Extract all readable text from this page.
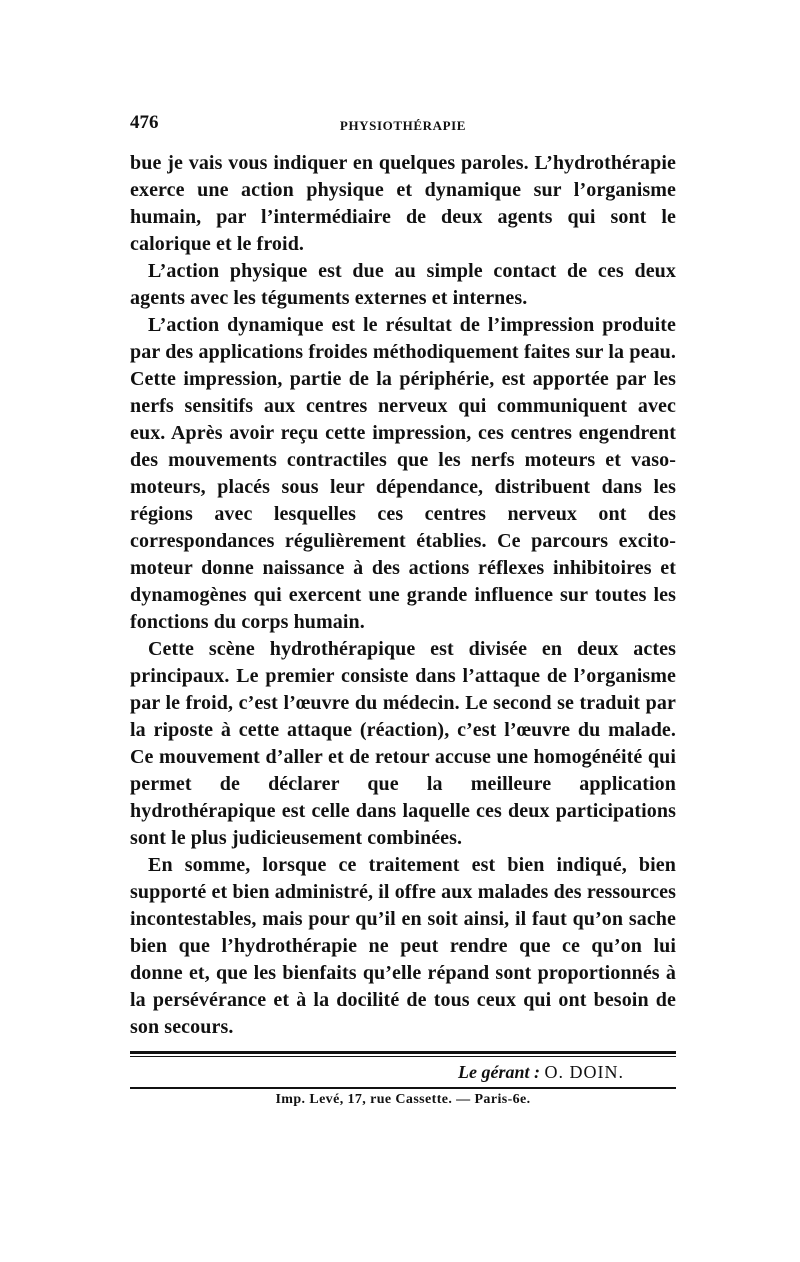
476	PHYSIOTHÉRAPIE

bue je vais vous indiquer en quelques paroles. L’hydrothérapie exerce une action physique et dynamique sur l’organisme humain, par l’intermédiaire de deux agents qui sont le calorique et le froid.

L’action physique est due au simple contact de ces deux agents avec les téguments externes et internes.

L’action dynamique est le résultat de l’impression produite par des applications froides méthodiquement faites sur la peau. Cette impression, partie de la périphérie, est apportée par les nerfs sensitifs aux centres nerveux qui communiquent avec eux. Après avoir reçu cette impression, ces centres engendrent des mouvements contractiles que les nerfs moteurs et vaso-moteurs, placés sous leur dépendance, distribuent dans les régions avec lesquelles ces centres nerveux ont des correspondances régulièrement établies. Ce parcours excito-moteur donne naissance à des actions réflexes inhibitoires et dynamogènes qui exercent une grande influence sur toutes les fonctions du corps humain.

Cette scène hydrothérapique est divisée en deux actes principaux. Le premier consiste dans l’attaque de l’organisme par le froid, c’est l’œuvre du médecin. Le second se traduit par la riposte à cette attaque (réaction), c’est l’œuvre du malade. Ce mouvement d’aller et de retour accuse une homogénéité qui permet de déclarer que la meilleure application hydrothérapique est celle dans laquelle ces deux participations sont le plus judicieusement combinées.

En somme, lorsque ce traitement est bien indiqué, bien supporté et bien administré, il offre aux malades des ressources incontestables, mais pour qu’il en soit ainsi, il faut qu’on sache bien que l’hydrothérapie ne peut rendre que ce qu’on lui donne et, que les bienfaits qu’elle répand sont proportionnés à la persévérance et à la docilité de tous ceux qui ont besoin de son secours.

Le gérant : O. DOIN.
Imp. Levé, 17, rue Cassette. — Paris-6e.
